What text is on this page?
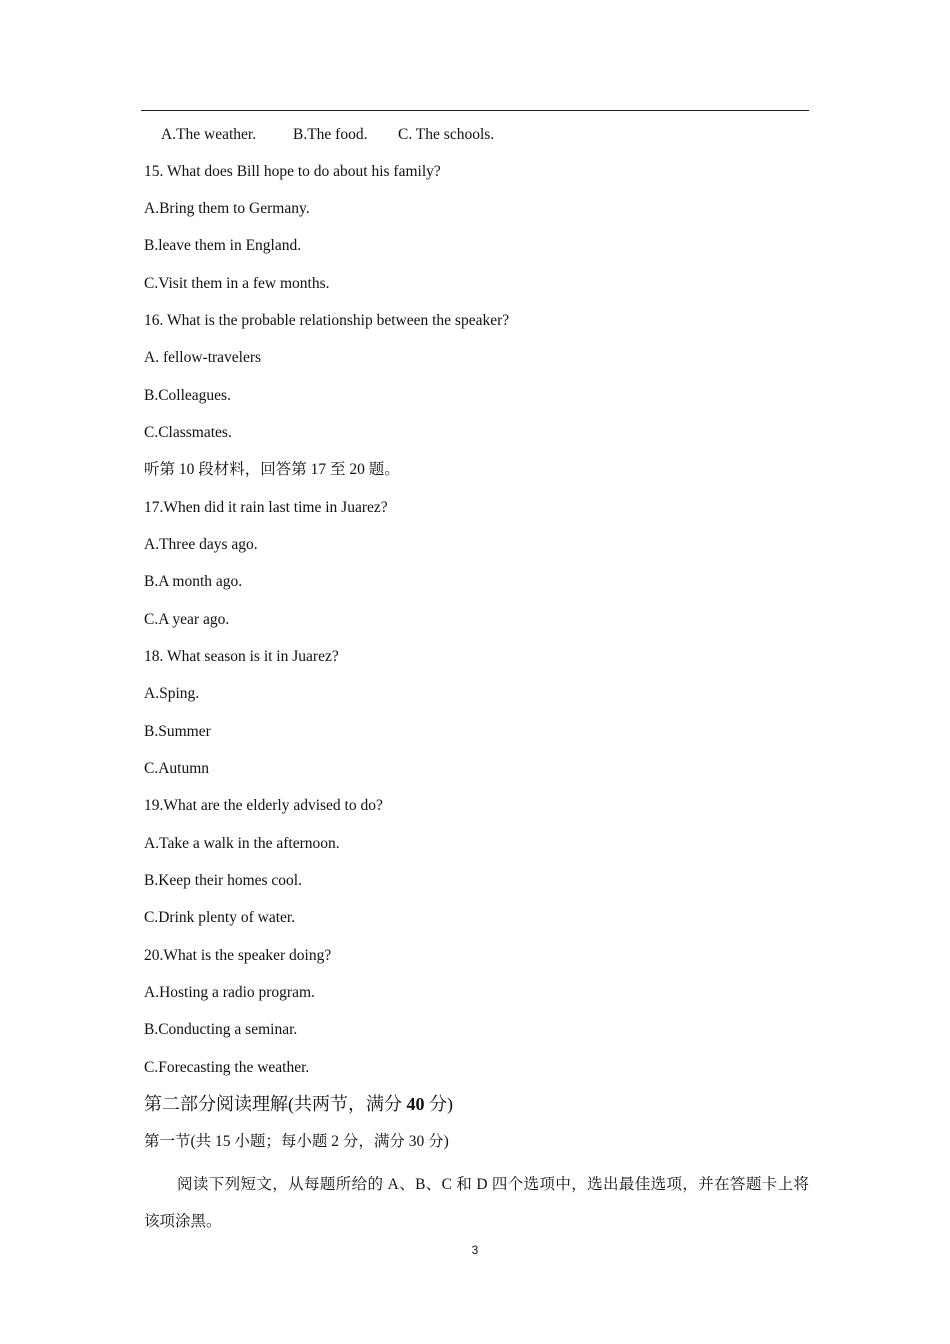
A.The weather. B.The food. C. The schools.
15. What does Bill hope to do about his family?
A.Bring them to Germany.
B.leave them in England.
C.Visit them in a few months.
16. What is the probable relationship between the speaker?
A. fellow-travelers
B.Colleagues.
C.Classmates.
听第 10 段材料，回答第 17 至 20 题。
17.When did it rain last time in Juarez?
A.Three days ago.
B.A month ago.
C.A year ago.
18. What season is it in Juarez?
A.Sping.
B.Summer
C.Autumn
19.What are the elderly advised to do?
A.Take a walk in the afternoon.
B.Keep their homes cool.
C.Drink plenty of water.
20.What is the speaker doing?
A.Hosting a radio program.
B.Conducting a seminar.
C.Forecasting the weather.
第二部分阅读理解(共两节，满分 40 分)
第一节(共 15 小题；每小题 2 分，满分 30 分)
阅读下列短文，从每题所给的 A、B、C 和 D 四个选项中，选出最佳选项，并在答题卡上将该项涂黑。
3
